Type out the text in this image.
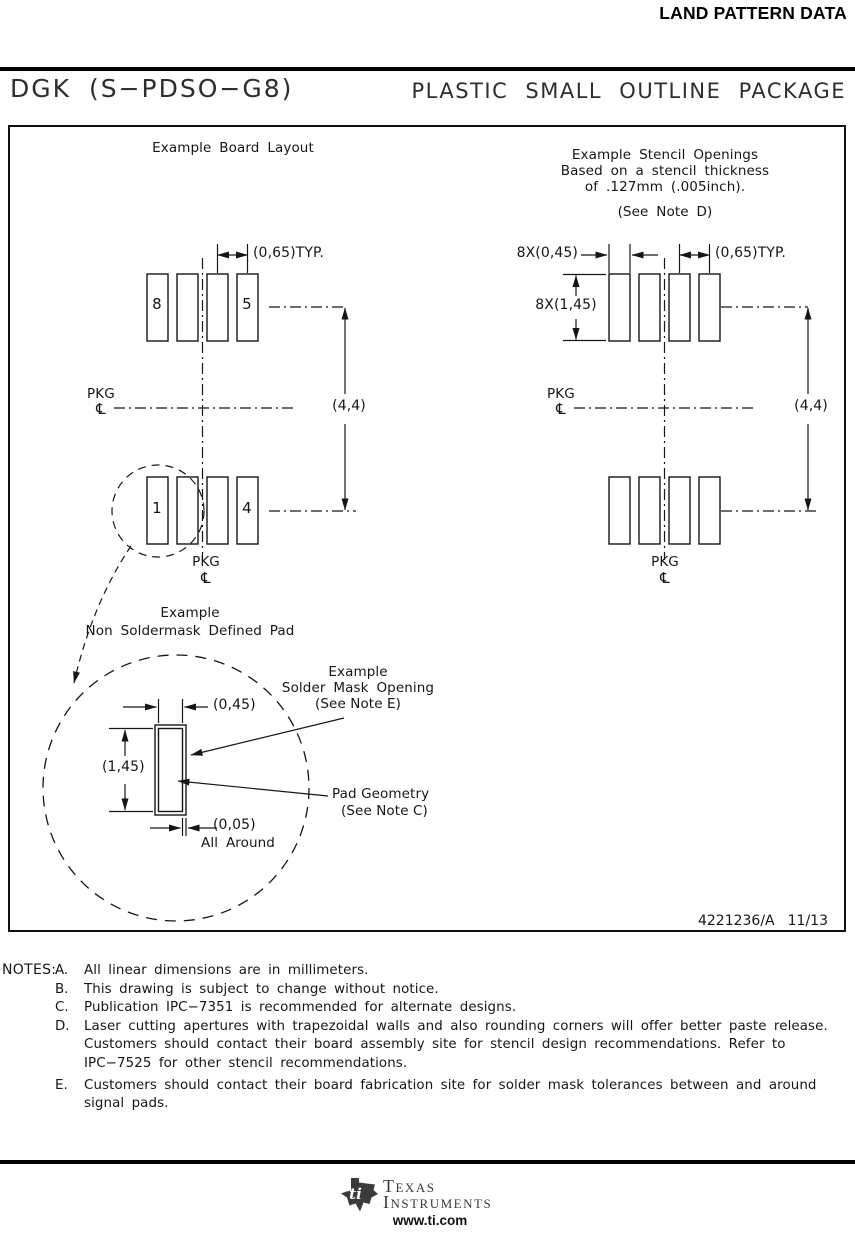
LAND PATTERN DATA
DGK (S−PDSO−G8)	PLASTIC SMALL OUTLINE PACKAGE
Example Board Layout
(0,65)TYP.
8	5
1	4
(4,4)
PKG
℄
PKG
℄
Example Stencil Openings
Based on a stencil thickness
of .127mm (.005inch).
(See Note D)
8X(0,45)	(0,65)TYP.
8X(1,45)
(4,4)
PKG
℄
PKG
℄
Example
Non Soldermask Defined Pad
(0,45)
(1,45)
(0,05)
All Around
Example
Solder Mask Opening
(See Note E)
Pad Geometry
(See Note C)
4221236/A 11/13
NOTES:
A.	All linear dimensions are in millimeters.
B.	This drawing is subject to change without notice.
C.	Publication IPC−7351 is recommended for alternate designs.
D.	Laser cutting apertures with trapezoidal walls and also rounding corners will offer better paste release. Customers should contact their board assembly site for stencil design recommendations. Refer to IPC−7525 for other stencil recommendations.
E.	Customers should contact their board fabrication site for solder mask tolerances between and around signal pads.
ti Texas
Instruments
www.ti.com
